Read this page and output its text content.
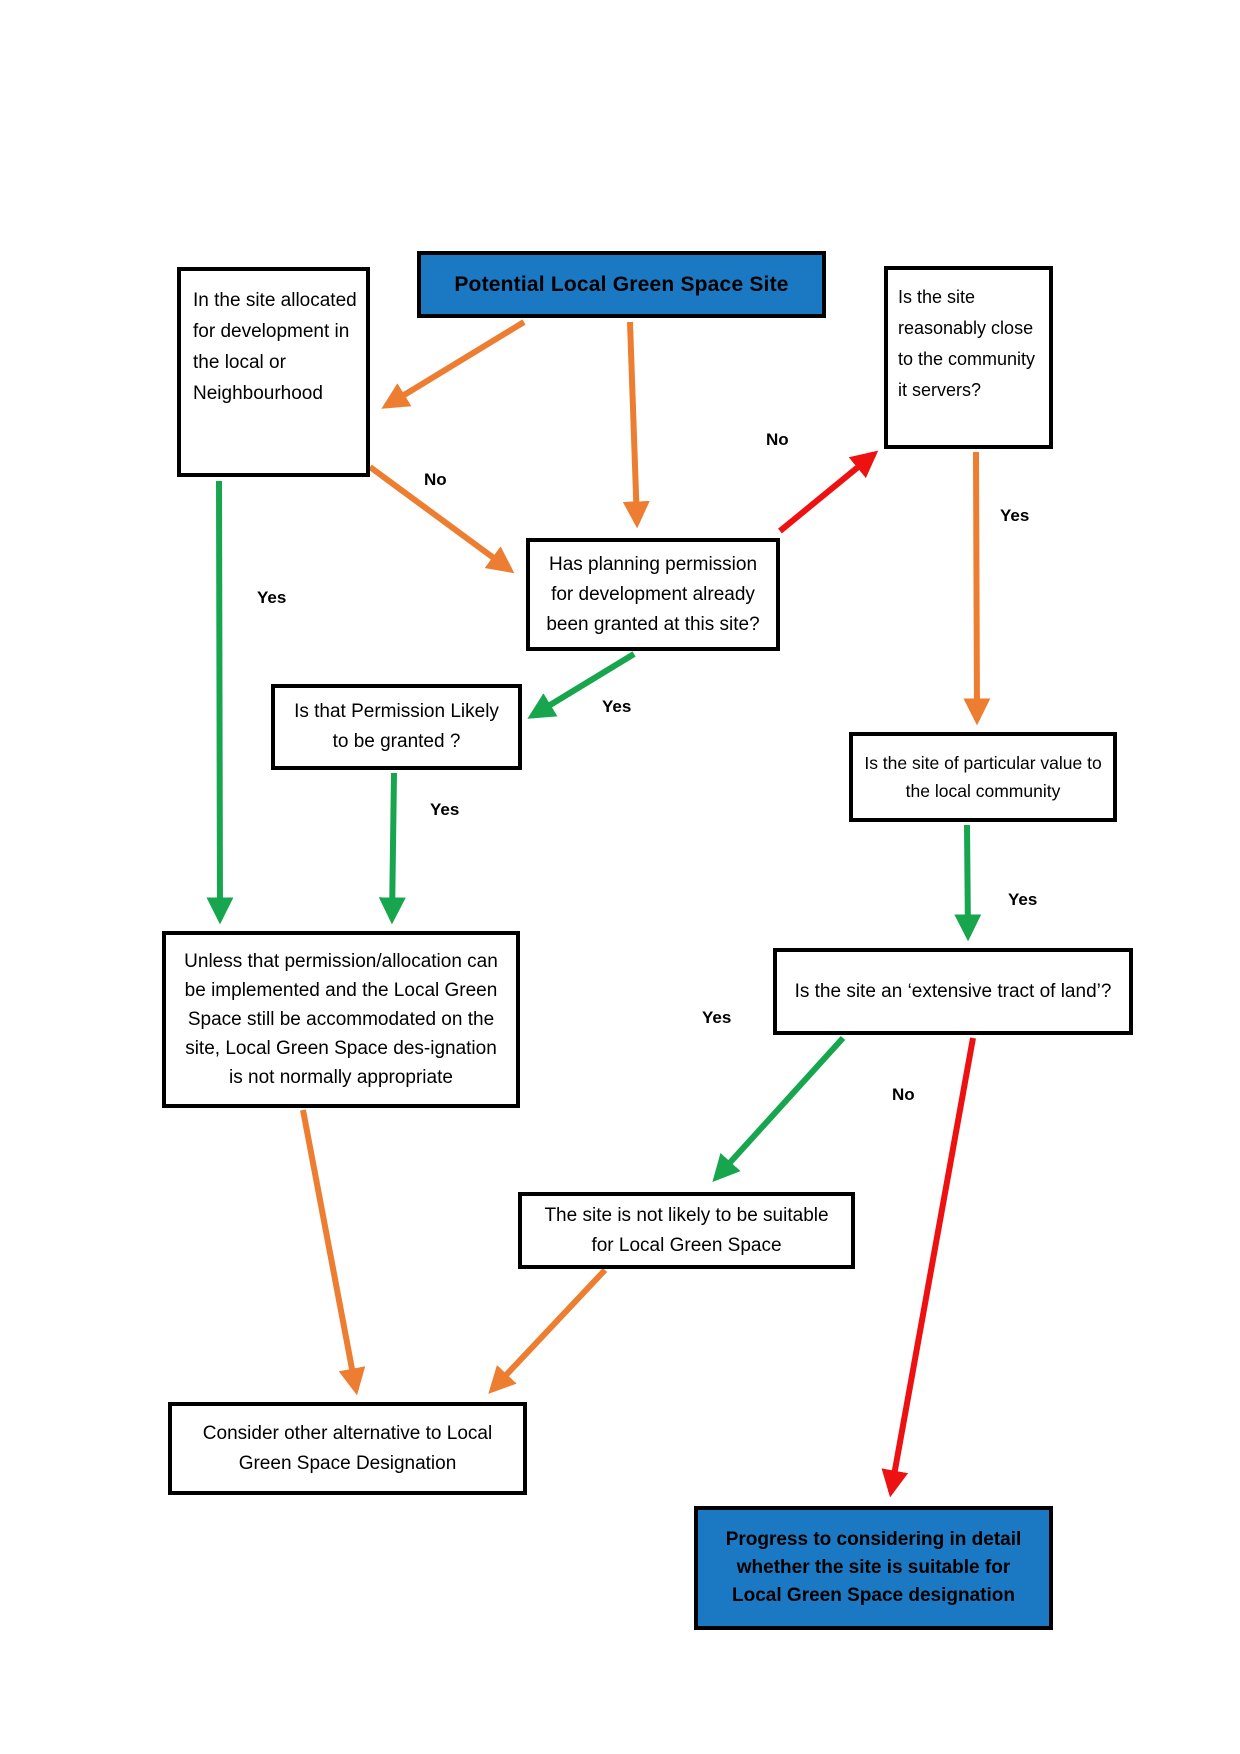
Potential Local Green Space Site
In the site allocated for development in the local or Neighbourhood
Is the site reasonably close to the community it servers?
Has planning permission for development already been granted at this site?
Is that Permission Likely to be granted ?
Is the site of particular value to the local community
Unless that permission/allocation can be implemented and the Local Green Space still be accommodated on the site, Local Green Space des-ignation is not normally appropriate
Is the site an ‘extensive tract of land’?
The site is not likely to be suitable for Local Green Space
Consider other alternative to Local Green Space Designation
Progress to considering in detail whether the site is suitable for Local Green Space designation
No
No
Yes
Yes
Yes
Yes
Yes
Yes
No
